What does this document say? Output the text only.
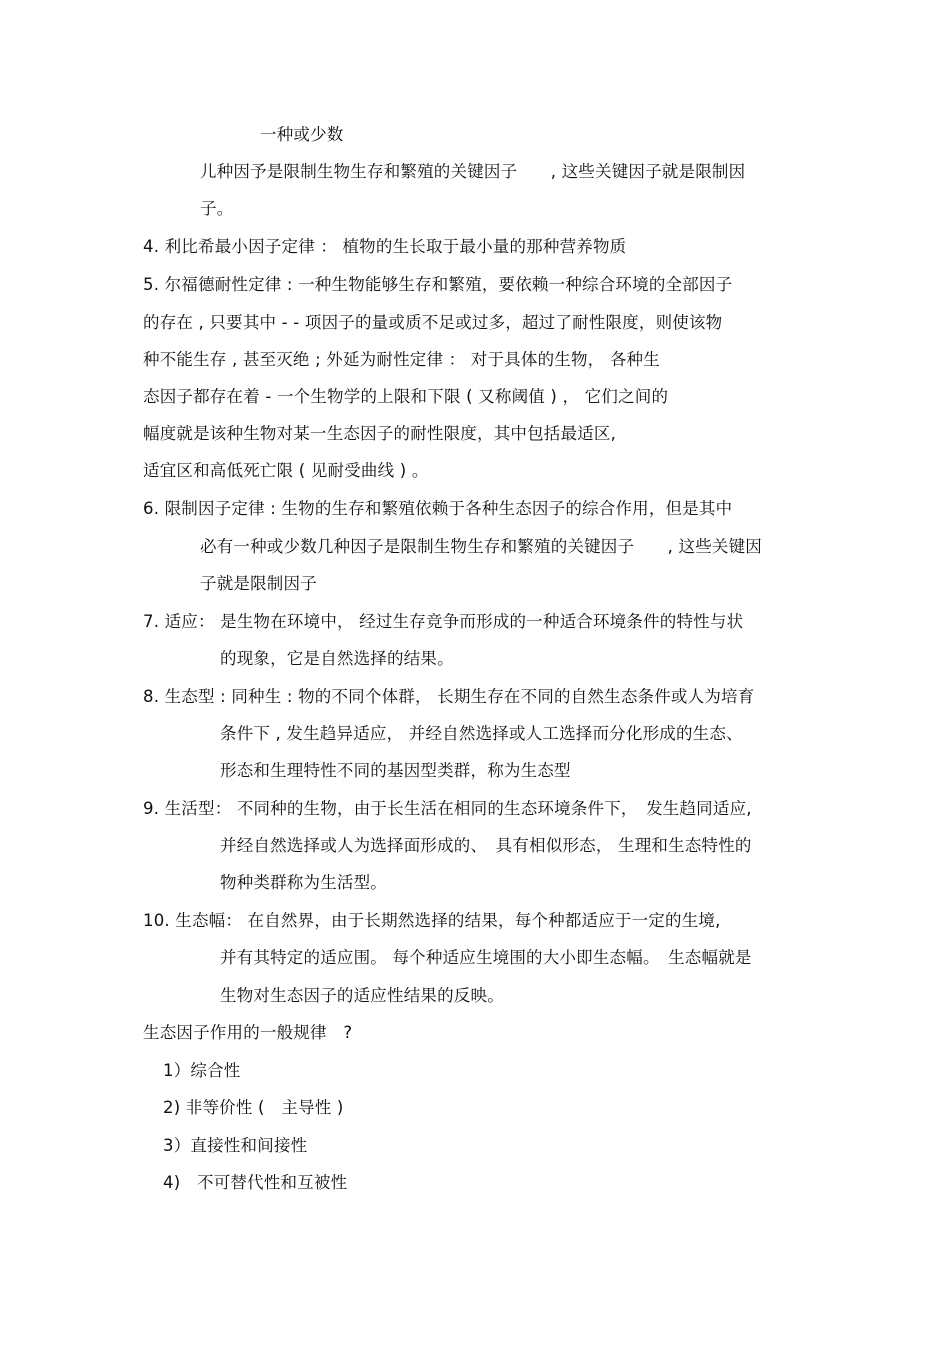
一种或少数
儿种因予是限制生物生存和繁殖的关键因子　　, 这些关键因子就是限制因
子。
4. 利比希最小因子定律 ： 植物的生长取于最小量的那种营养物质
5. 尔福德耐性定律 : 一种生物能够生存和繁殖，要依赖一种综合环境的全部因子
的存在 , 只要其中 - - 项因子的量或质不足或过多，超过了耐性限度，则使该物
种不能生存 , 甚至灭绝 ; 外延为耐性定律 ： 对于具体的生物， 各种生
态因子都存在着 - 一个生物学的上限和下限 ( 又称阈值 ) ， 它们之间的
幅度就是该种生物对某一生态因子的耐性限度，其中包括最适区,
适宜区和高低死亡限 ( 见耐受曲线 ) 。
6. 限制因子定律 : 生物的生存和繁殖依赖于各种生态因子的综合作用，但是其中
必有一种或少数几种因子是限制生物生存和繁殖的关键因子　　, 这些关键因
子就是限制因子
7. 适应： 是生物在环境中， 经过生存竞争而形成的一种适合环境条件的特性与状
的现象，它是自然选择的结果。
8. 生态型 : 同种生 : 物的不同个体群， 长期生存在不同的自然生态条件或人为培育
条件下 , 发生趋异适应， 并经自然选择或人工选择而分化形成的生态、
形态和生理特性不同的基因型类群，称为生态型
9. 生活型： 不同种的生物，由于长生活在相同的生态环境条件下，　发生趋同适应,
并经自然选择或人为选择面形成的、　具有相似形态， 生理和生态特性的
物种类群称为生活型。
10. 生态幅： 在自然界，由于长期然选择的结果，每个种都适应于一定的生境,
并有其特定的适应围。 每个种适应生境围的大小即生态幅。　生态幅就是
生物对生态因子的适应性结果的反映。
生态因子作用的一般规律　?
1）综合性
2) 非等价性 (　主导性 )
3）直接性和间接性
4)　不可替代性和互被性
